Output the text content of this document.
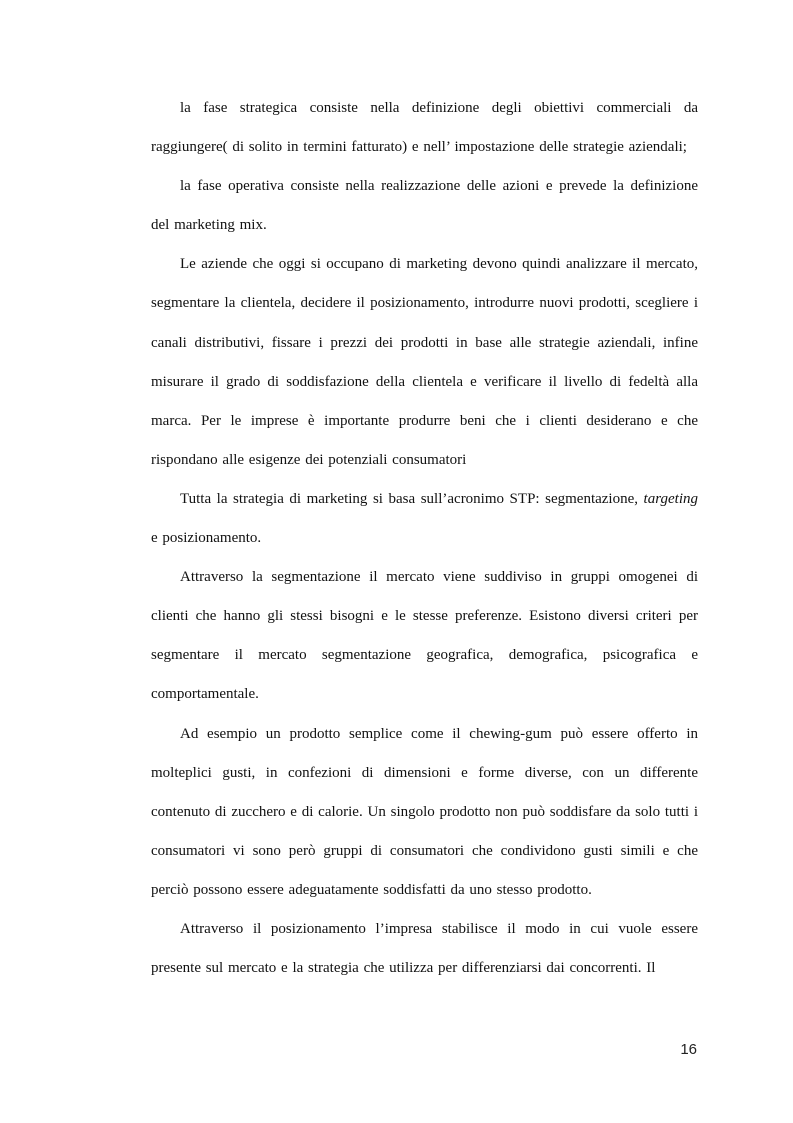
la fase strategica consiste nella definizione degli obiettivi commerciali da raggiungere( di solito in termini fatturato) e nell’ impostazione delle strategie aziendali;

la fase operativa consiste nella realizzazione delle azioni e prevede la definizione del marketing mix.

Le aziende che oggi si occupano di marketing devono quindi analizzare il mercato, segmentare la clientela, decidere il posizionamento, introdurre nuovi prodotti, scegliere i canali distributivi, fissare i prezzi dei prodotti in base alle strategie aziendali, infine misurare il grado di soddisfazione della clientela e verificare il livello di fedeltà alla marca. Per le imprese è importante produrre beni che i clienti desiderano e che rispondano alle esigenze dei potenziali consumatori

Tutta la strategia di marketing si basa sull’acronimo STP: segmentazione, targeting e posizionamento.

Attraverso la segmentazione il mercato viene suddiviso in gruppi omogenei di clienti che hanno gli stessi bisogni e le stesse preferenze. Esistono diversi criteri per segmentare il mercato segmentazione geografica, demografica, psicografica e comportamentale.

Ad esempio un prodotto semplice come il chewing-gum può essere offerto in molteplici gusti, in confezioni di dimensioni e forme diverse, con un differente contenuto di zucchero e di calorie. Un singolo prodotto non può soddisfare da solo tutti i consumatori vi sono però gruppi di consumatori che condividono gusti simili e che perciò possono essere adeguatamente soddisfatti da uno stesso prodotto.

Attraverso il posizionamento l’impresa stabilisce il modo in cui vuole essere presente sul mercato e la strategia che utilizza per differenziarsi dai concorrenti. Il

16
